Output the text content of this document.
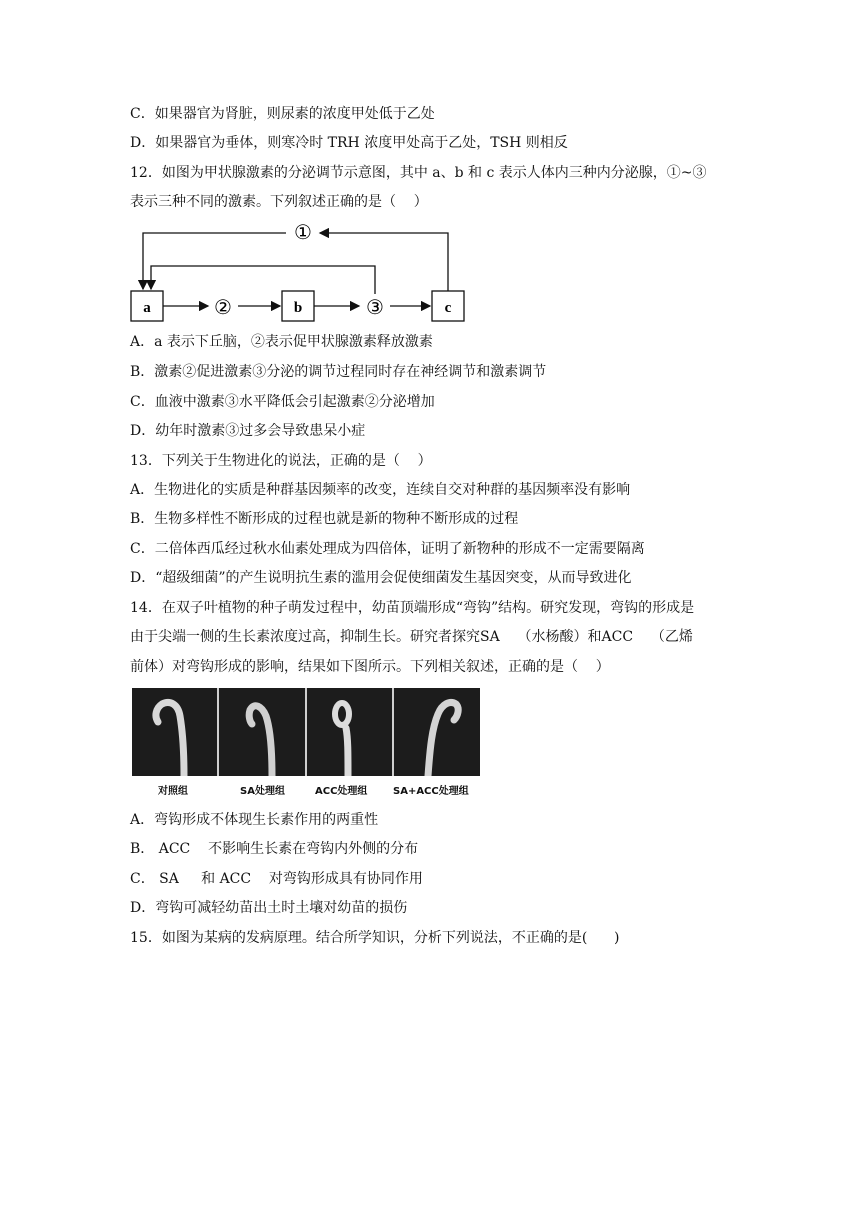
C．如果器官为肾脏，则尿素的浓度甲处低于乙处
D．如果器官为垂体，则寒冷时 TRH 浓度甲处高于乙处，TSH 则相反
12．如图为甲状腺激素的分泌调节示意图，其中 a、b 和 c 表示人体内三种内分泌腺，①~③
表示三种不同的激素。下列叙述正确的是（    ）
a	b	c
②	③
①
A．a 表示下丘脑，②表示促甲状腺激素释放激素
B．激素②促进激素③分泌的调节过程同时存在神经调节和激素调节
C．血液中激素③水平降低会引起激素②分泌增加
D．幼年时激素③过多会导致患呆小症
13．下列关于生物进化的说法，正确的是（    ）
A．生物进化的实质是种群基因频率的改变，连续自交对种群的基因频率没有影响
B．生物多样性不断形成的过程也就是新的物种不断形成的过程
C．二倍体西瓜经过秋水仙素处理成为四倍体，证明了新物种的形成不一定需要隔离
D．“超级细菌”的产生说明抗生素的滥用会促使细菌发生基因突变，从而导致进化
14．在双子叶植物的种子萌发过程中，幼苗顶端形成“弯钩”结构。研究发现，弯钩的形成是
由于尖端一侧的生长素浓度过高，抑制生长。研究者探究SA    （水杨酸）和ACC    （乙烯
前体）对弯钩形成的影响，结果如下图所示。下列相关叙述，正确的是（    ）
对照组	SA处理组	ACC处理组	SA+ACC处理组
A．弯钩形成不体现生长素作用的两重性
B． ACC    不影响生长素在弯钩内外侧的分布
C． SA     和 ACC    对弯钩形成具有协同作用
D．弯钩可减轻幼苗出土时土壤对幼苗的损伤
15．如图为某病的发病原理。结合所学知识，分析下列说法，不正确的是(      )
